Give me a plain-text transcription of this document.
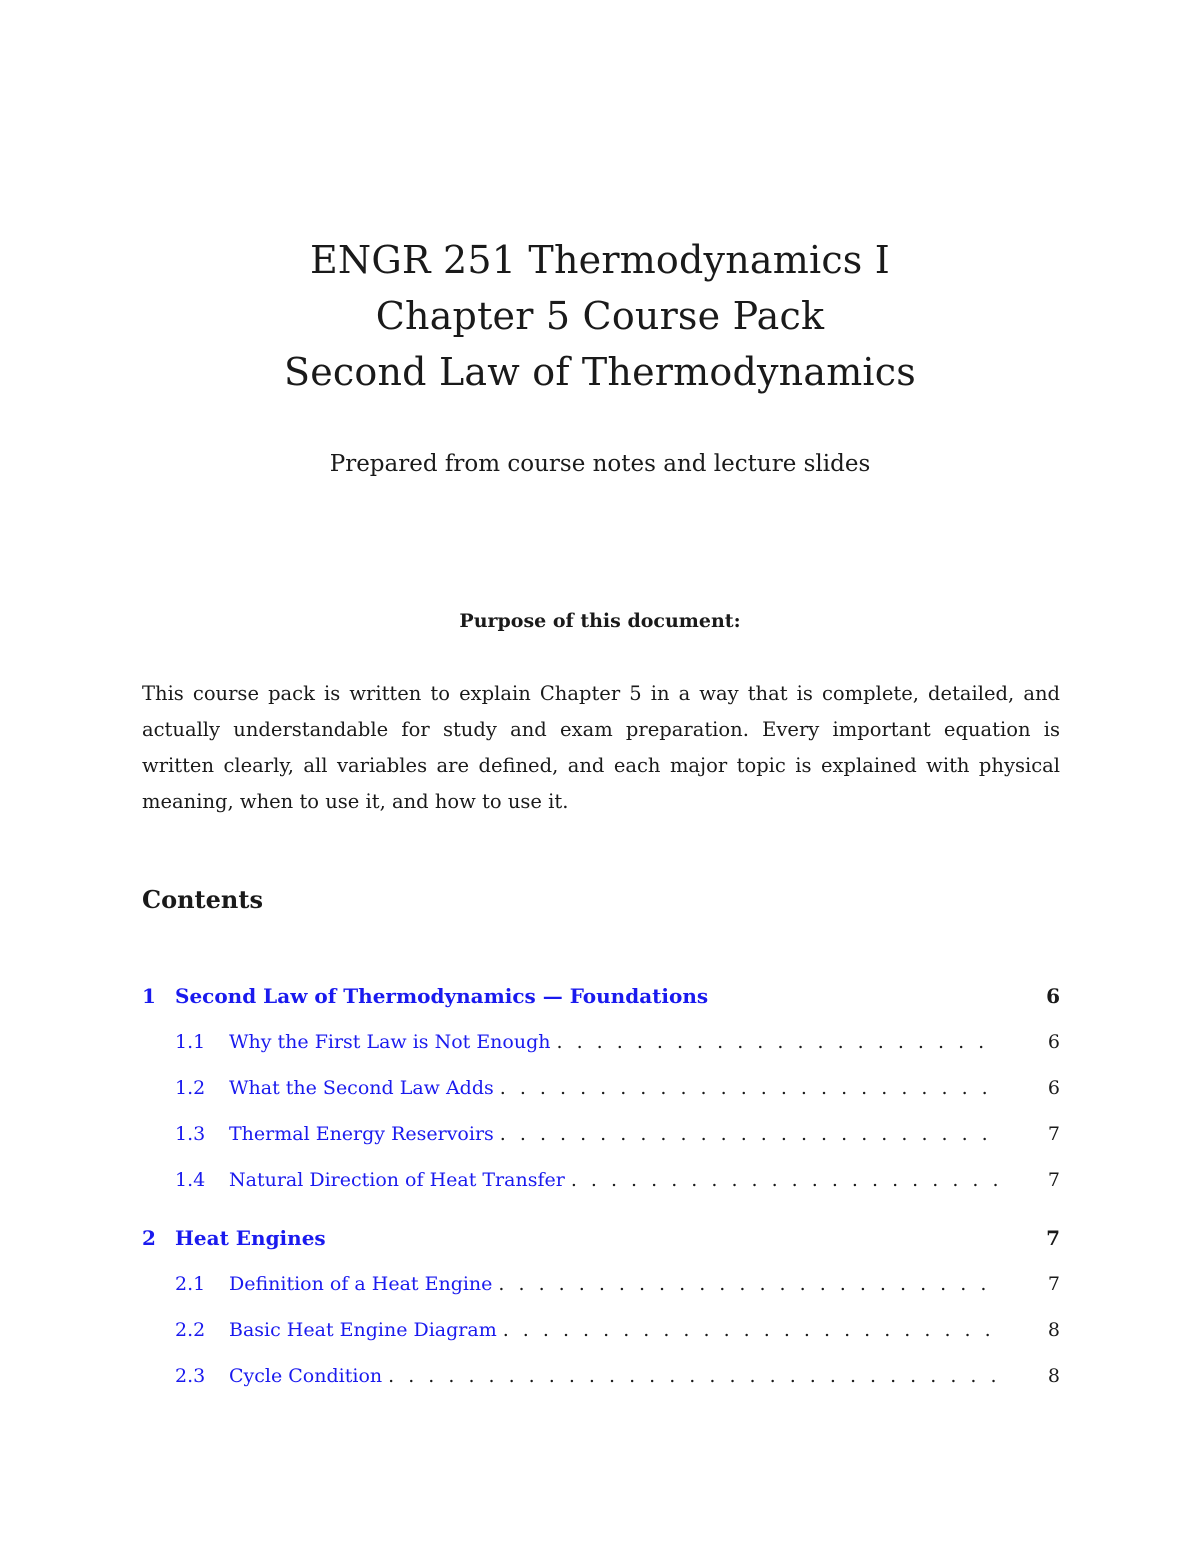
ENGR 251 Thermodynamics I

Chapter 5 Course Pack

Second Law of Thermodynamics

Prepared from course notes and lecture slides
Purpose of this document:
This course pack is written to explain Chapter 5 in a way that is complete, detailed, and actually understandable for study and exam preparation. Every important equation is written clearly, all variables are defined, and each major topic is explained with physical meaning, when to use it, and how to use it.
Contents
1 Second Law of Thermodynamics — Foundations	6
1.1	Why the First Law is Not Enough . . .	6
1.2	What the Second Law Adds . . .	6
1.3	Thermal Energy Reservoirs . . .	7
1.4	Natural Direction of Heat Transfer . . .	7
2 Heat Engines	7
2.1	Definition of a Heat Engine . . .	7
2.2	Basic Heat Engine Diagram . . .	8
2.3	Cycle Condition . . .	8
